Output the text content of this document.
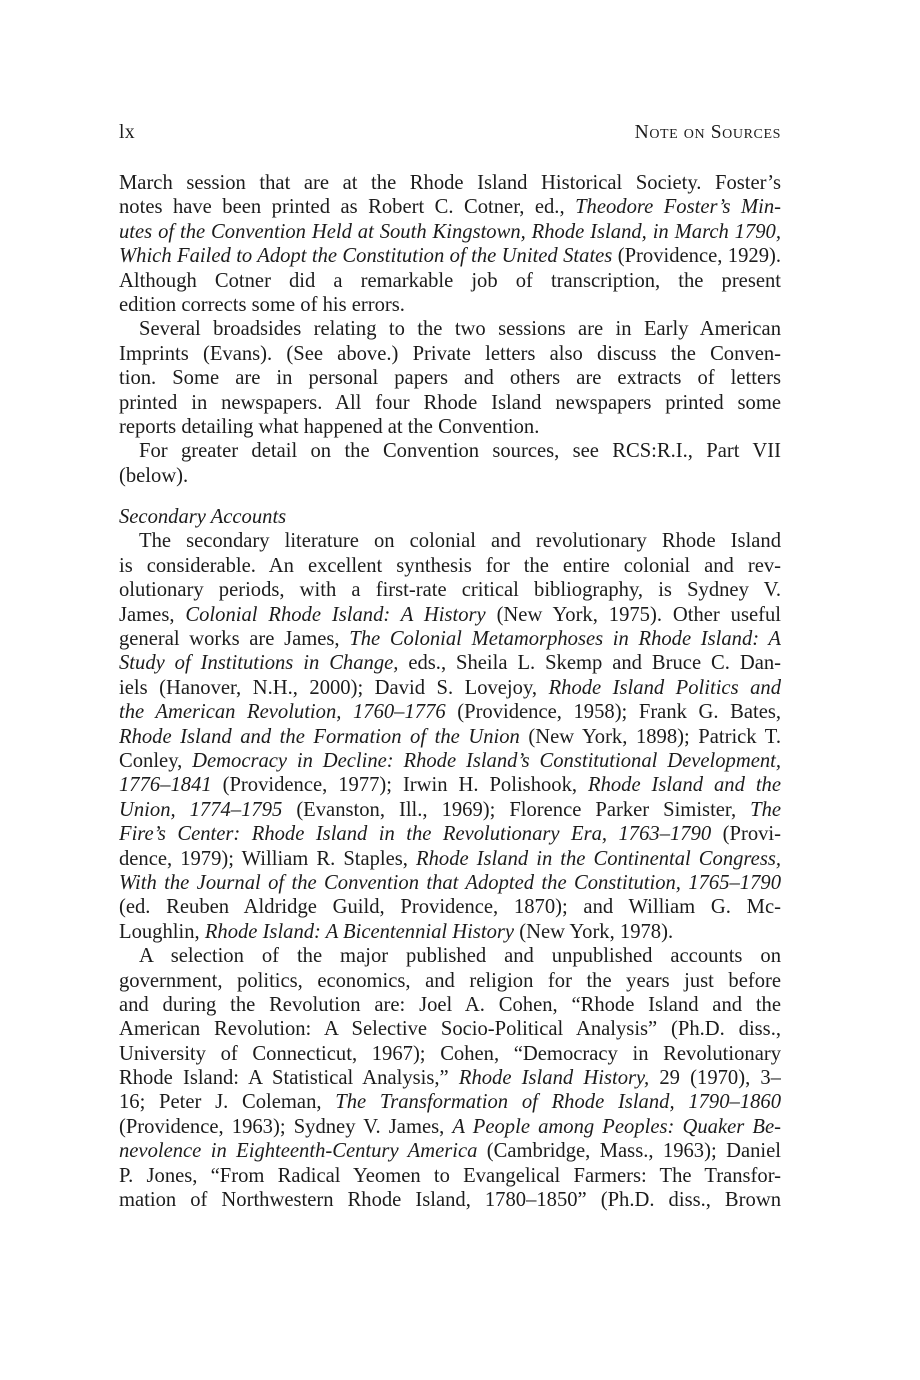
lx	Note on Sources
March session that are at the Rhode Island Historical Society. Foster’s
notes have been printed as Robert C. Cotner, ed., Theodore Foster’s Min-
utes of the Convention Held at South Kingstown, Rhode Island, in March 1790,
Which Failed to Adopt the Constitution of the United States (Providence, 1929).
Although Cotner did a remarkable job of transcription, the present
edition corrects some of his errors.
Several broadsides relating to the two sessions are in Early American
Imprints (Evans). (See above.) Private letters also discuss the Conven-
tion. Some are in personal papers and others are extracts of letters
printed in newspapers. All four Rhode Island newspapers printed some
reports detailing what happened at the Convention.
For greater detail on the Convention sources, see RCS:R.I., Part VII
(below).
Secondary Accounts
The secondary literature on colonial and revolutionary Rhode Island
is considerable. An excellent synthesis for the entire colonial and rev-
olutionary periods, with a first-rate critical bibliography, is Sydney V.
James, Colonial Rhode Island: A History (New York, 1975). Other useful
general works are James, The Colonial Metamorphoses in Rhode Island: A
Study of Institutions in Change, eds., Sheila L. Skemp and Bruce C. Dan-
iels (Hanover, N.H., 2000); David S. Lovejoy, Rhode Island Politics and
the American Revolution, 1760–1776 (Providence, 1958); Frank G. Bates,
Rhode Island and the Formation of the Union (New York, 1898); Patrick T.
Conley, Democracy in Decline: Rhode Island’s Constitutional Development,
1776–1841 (Providence, 1977); Irwin H. Polishook, Rhode Island and the
Union, 1774–1795 (Evanston, Ill., 1969); Florence Parker Simister, The
Fire’s Center: Rhode Island in the Revolutionary Era, 1763–1790 (Provi-
dence, 1979); William R. Staples, Rhode Island in the Continental Congress,
With the Journal of the Convention that Adopted the Constitution, 1765–1790
(ed. Reuben Aldridge Guild, Providence, 1870); and William G. Mc-
Loughlin, Rhode Island: A Bicentennial History (New York, 1978).
A selection of the major published and unpublished accounts on
government, politics, economics, and religion for the years just before
and during the Revolution are: Joel A. Cohen, “Rhode Island and the
American Revolution: A Selective Socio-Political Analysis” (Ph.D. diss.,
University of Connecticut, 1967); Cohen, “Democracy in Revolutionary
Rhode Island: A Statistical Analysis,” Rhode Island History, 29 (1970), 3–
16; Peter J. Coleman, The Transformation of Rhode Island, 1790–1860
(Providence, 1963); Sydney V. James, A People among Peoples: Quaker Be-
nevolence in Eighteenth-Century America (Cambridge, Mass., 1963); Daniel
P. Jones, “From Radical Yeomen to Evangelical Farmers: The Transfor-
mation of Northwestern Rhode Island, 1780–1850” (Ph.D. diss., Brown
